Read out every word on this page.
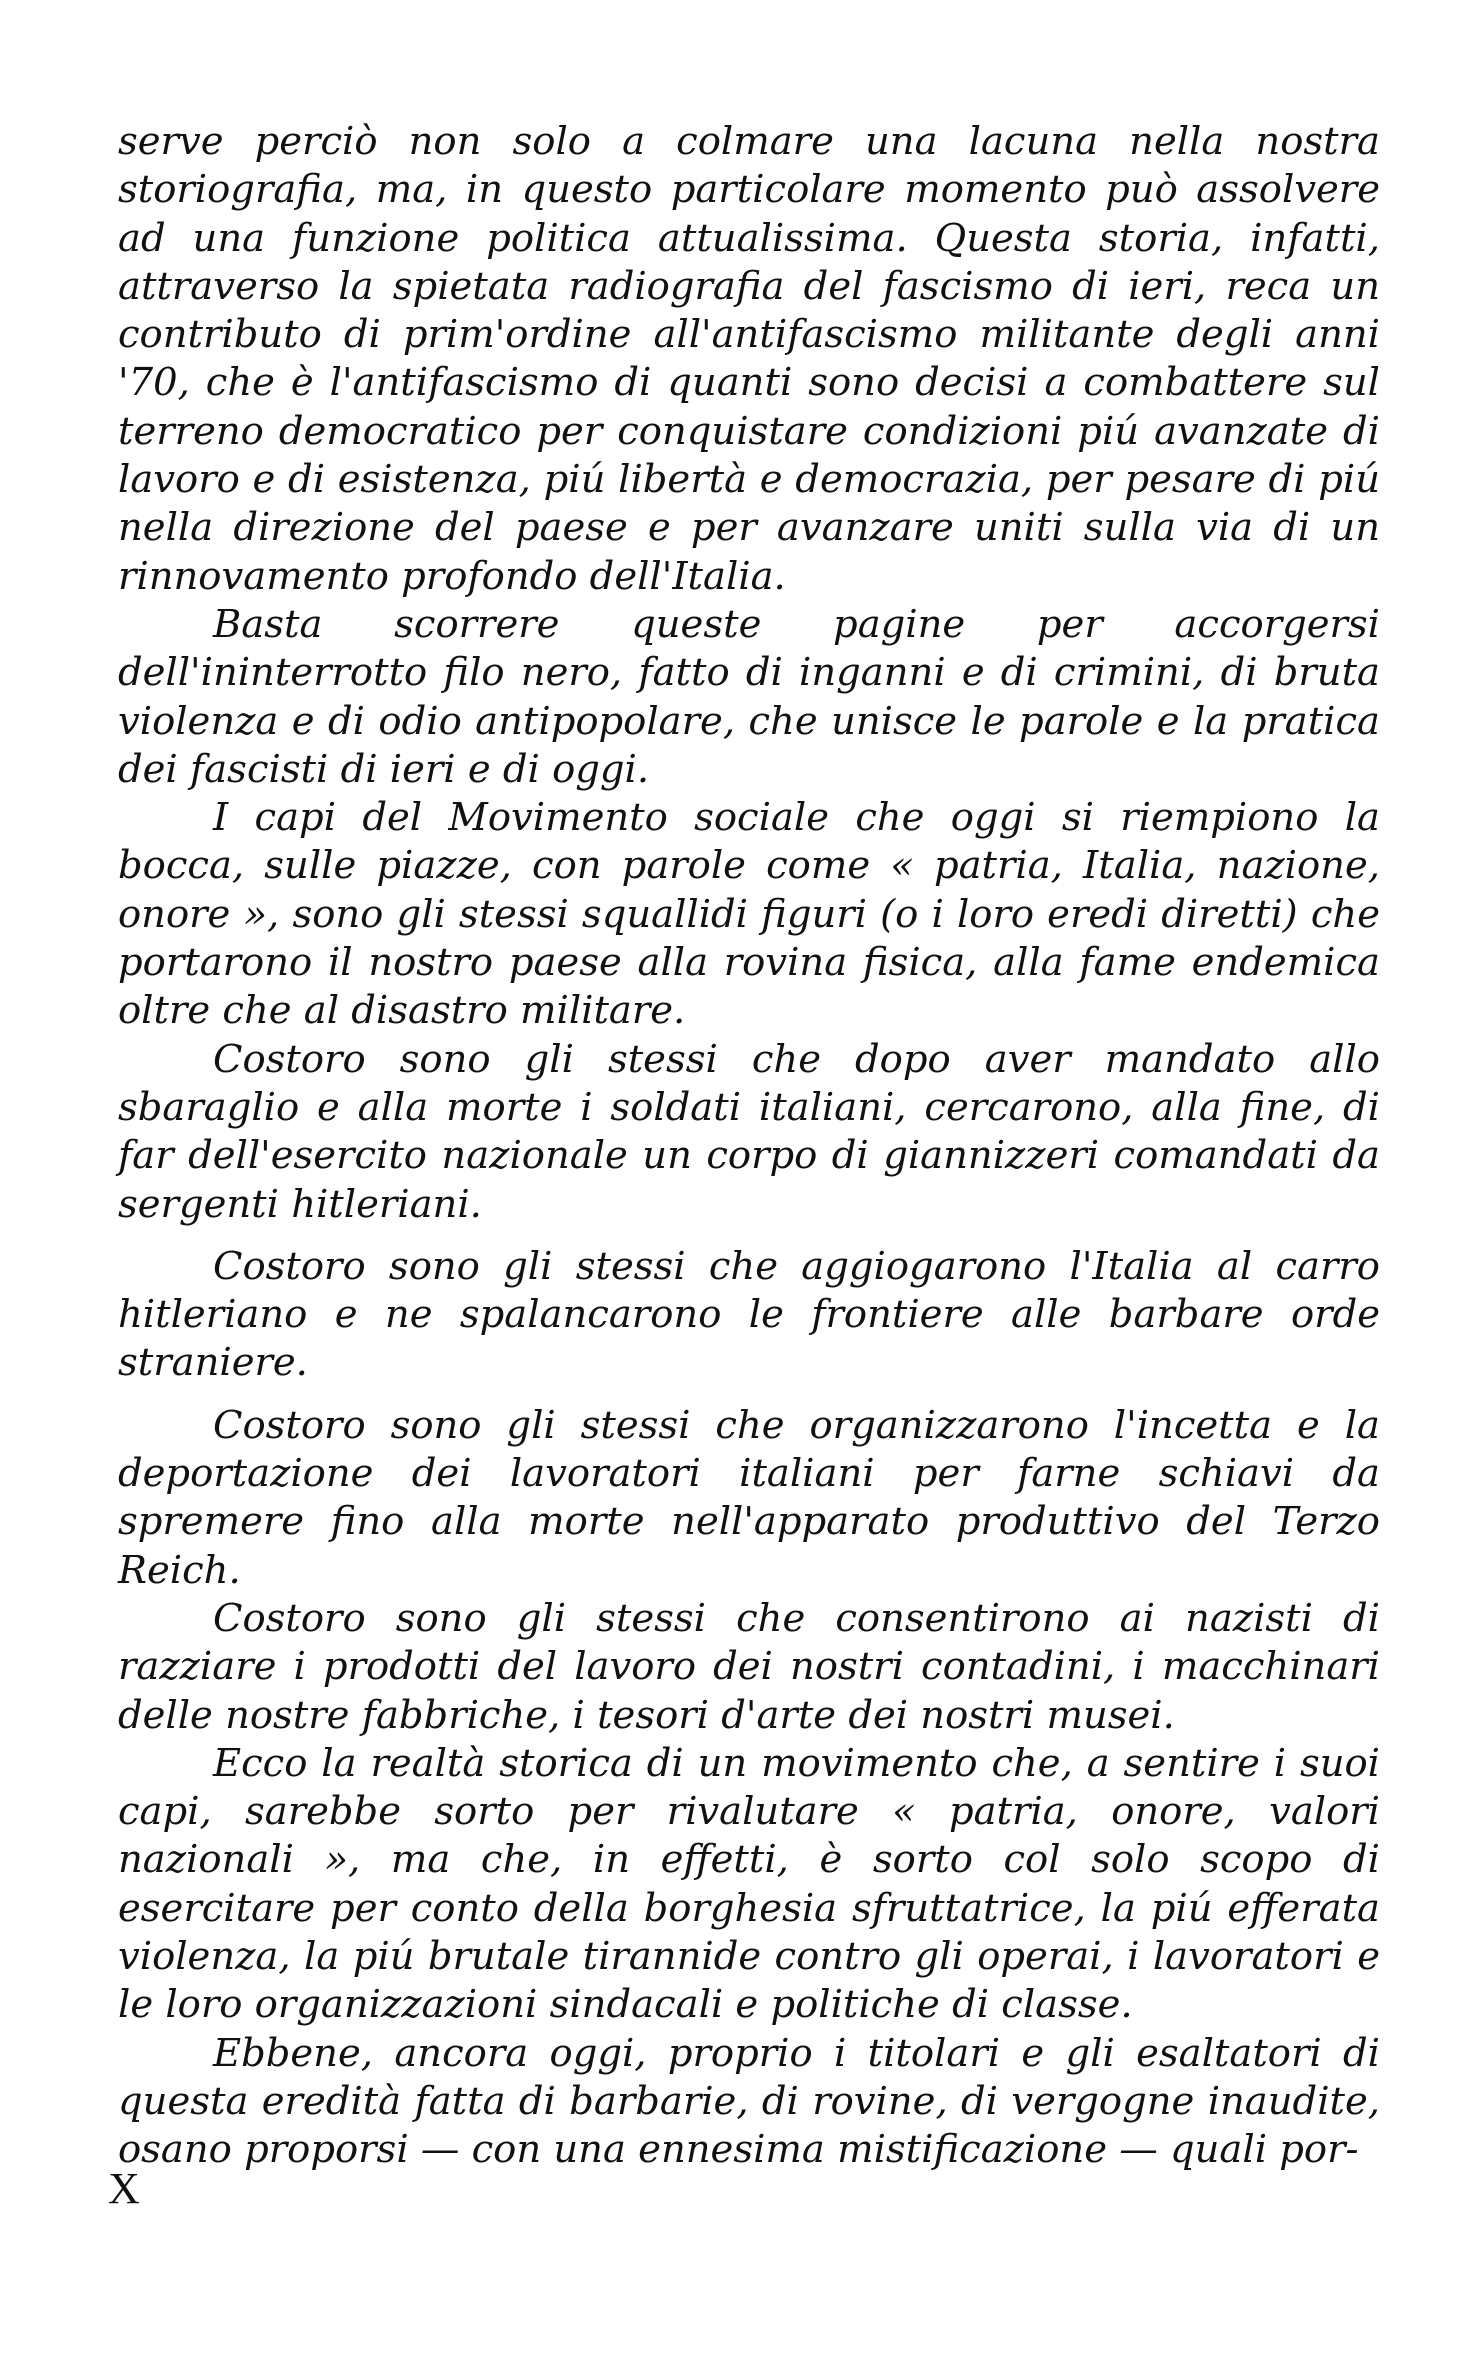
serve perciò non solo a colmare una lacuna nella nostra storiografia, ma, in questo particolare momento può assolvere ad una funzione politica attualissima. Questa storia, infatti, attraverso la spietata radiografia del fascismo di ieri, reca un contributo di prim'ordine all'antifascismo militante degli anni '70, che è l'antifascismo di quanti sono decisi a combattere sul terreno democratico per conquistare condizioni piú avanzate di lavoro e di esistenza, piú libertà e democrazia, per pesare di piú nella direzione del paese e per avanzare uniti sulla via di un rinnovamento profondo dell'Italia.

Basta scorrere queste pagine per accorgersi dell'ininterrotto filo nero, fatto di inganni e di crimini, di bruta violenza e di odio antipopolare, che unisce le parole e la pratica dei fascisti di ieri e di oggi.

I capi del Movimento sociale che oggi si riempiono la bocca, sulle piazze, con parole come « patria, Italia, nazione, onore », sono gli stessi squallidi figuri (o i loro eredi diretti) che portarono il nostro paese alla rovina fisica, alla fame endemica oltre che al disastro militare.

Costoro sono gli stessi che dopo aver mandato allo sbaraglio e alla morte i soldati italiani, cercarono, alla fine, di far dell'esercito nazionale un corpo di giannizzeri comandati da sergenti hitleriani.

Costoro sono gli stessi che aggiogarono l'Italia al carro hitleriano e ne spalancarono le frontiere alle barbare orde straniere.

Costoro sono gli stessi che organizzarono l'incetta e la deportazione dei lavoratori italiani per farne schiavi da spremere fino alla morte nell'apparato produttivo del Terzo Reich.

Costoro sono gli stessi che consentirono ai nazisti di razziare i prodotti del lavoro dei nostri contadini, i macchinari delle nostre fabbriche, i tesori d'arte dei nostri musei.

Ecco la realtà storica di un movimento che, a sentire i suoi capi, sarebbe sorto per rivalutare « patria, onore, valori nazionali », ma che, in effetti, è sorto col solo scopo di esercitare per conto della borghesia sfruttatrice, la piú efferata violenza, la piú brutale tirannide contro gli operai, i lavoratori e le loro organizzazioni sindacali e politiche di classe.

Ebbene, ancora oggi, proprio i titolari e gli esaltatori di questa eredità fatta di barbarie, di rovine, di vergogne inaudite, osano proporsi — con una ennesima mistificazione — quali por-

X
